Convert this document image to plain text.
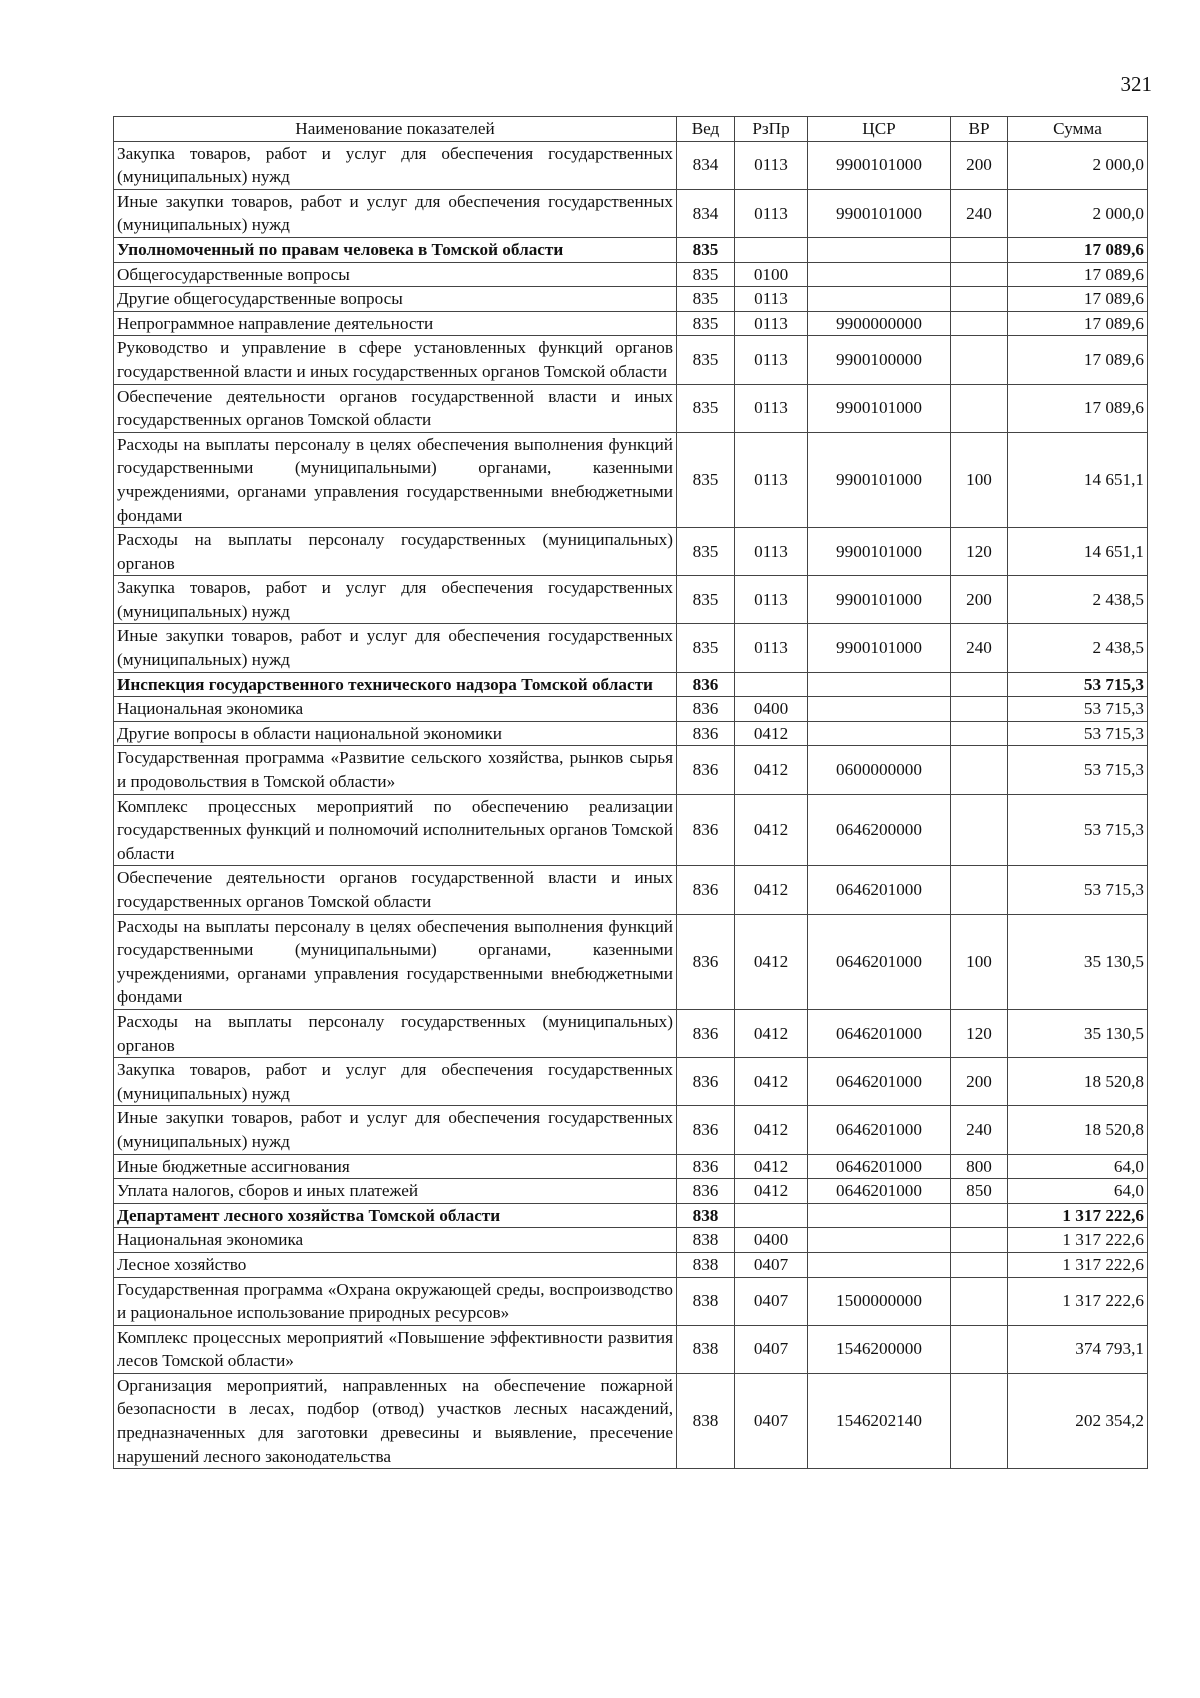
321
Наименование показателей	Вед	РзПр	ЦСР	ВР	Сумма
Закупка товаров, работ и услуг для обеспечения государственных (муниципальных) нужд	834	0113	9900101000	200	2 000,0
Иные закупки товаров, работ и услуг для обеспечения государственных (муниципальных) нужд	834	0113	9900101000	240	2 000,0
Уполномоченный по правам человека в Томской области	835				17 089,6
Общегосударственные вопросы	835	0100			17 089,6
Другие общегосударственные вопросы	835	0113			17 089,6
Непрограммное направление деятельности	835	0113	9900000000		17 089,6
Руководство и управление в сфере установленных функций органов государственной власти и иных государственных органов Томской области	835	0113	9900100000		17 089,6
Обеспечение деятельности органов государственной власти и иных государственных органов Томской области	835	0113	9900101000		17 089,6
Расходы на выплаты персоналу в целях обеспечения выполнения функций государственными (муниципальными) органами, казенными учреждениями, органами управления государственными внебюджетными фондами	835	0113	9900101000	100	14 651,1
Расходы на выплаты персоналу государственных (муниципальных) органов	835	0113	9900101000	120	14 651,1
Закупка товаров, работ и услуг для обеспечения государственных (муниципальных) нужд	835	0113	9900101000	200	2 438,5
Иные закупки товаров, работ и услуг для обеспечения государственных (муниципальных) нужд	835	0113	9900101000	240	2 438,5
Инспекция государственного технического надзора Томской области	836				53 715,3
Национальная экономика	836	0400			53 715,3
Другие вопросы в области национальной экономики	836	0412			53 715,3
Государственная программа «Развитие сельского хозяйства, рынков сырья и продовольствия в Томской области»	836	0412	0600000000		53 715,3
Комплекс процессных мероприятий по обеспечению реализации государственных функций и полномочий исполнительных органов Томской области	836	0412	0646200000		53 715,3
Обеспечение деятельности органов государственной власти и иных государственных органов Томской области	836	0412	0646201000		53 715,3
Расходы на выплаты персоналу в целях обеспечения выполнения функций государственными (муниципальными) органами, казенными учреждениями, органами управления государственными внебюджетными фондами	836	0412	0646201000	100	35 130,5
Расходы на выплаты персоналу государственных (муниципальных) органов	836	0412	0646201000	120	35 130,5
Закупка товаров, работ и услуг для обеспечения государственных (муниципальных) нужд	836	0412	0646201000	200	18 520,8
Иные закупки товаров, работ и услуг для обеспечения государственных (муниципальных) нужд	836	0412	0646201000	240	18 520,8
Иные бюджетные ассигнования	836	0412	0646201000	800	64,0
Уплата налогов, сборов и иных платежей	836	0412	0646201000	850	64,0
Департамент лесного хозяйства Томской области	838				1 317 222,6
Национальная экономика	838	0400			1 317 222,6
Лесное хозяйство	838	0407			1 317 222,6
Государственная программа «Охрана окружающей среды, воспроизводство и рациональное использование природных ресурсов»	838	0407	1500000000		1 317 222,6
Комплекс процессных мероприятий «Повышение эффективности развития лесов Томской области»	838	0407	1546200000		374 793,1
Организация мероприятий, направленных на обеспечение пожарной безопасности в лесах, подбор (отвод) участков лесных насаждений, предназначенных для заготовки древесины и выявление, пресечение нарушений лесного законодательства	838	0407	1546202140		202 354,2
